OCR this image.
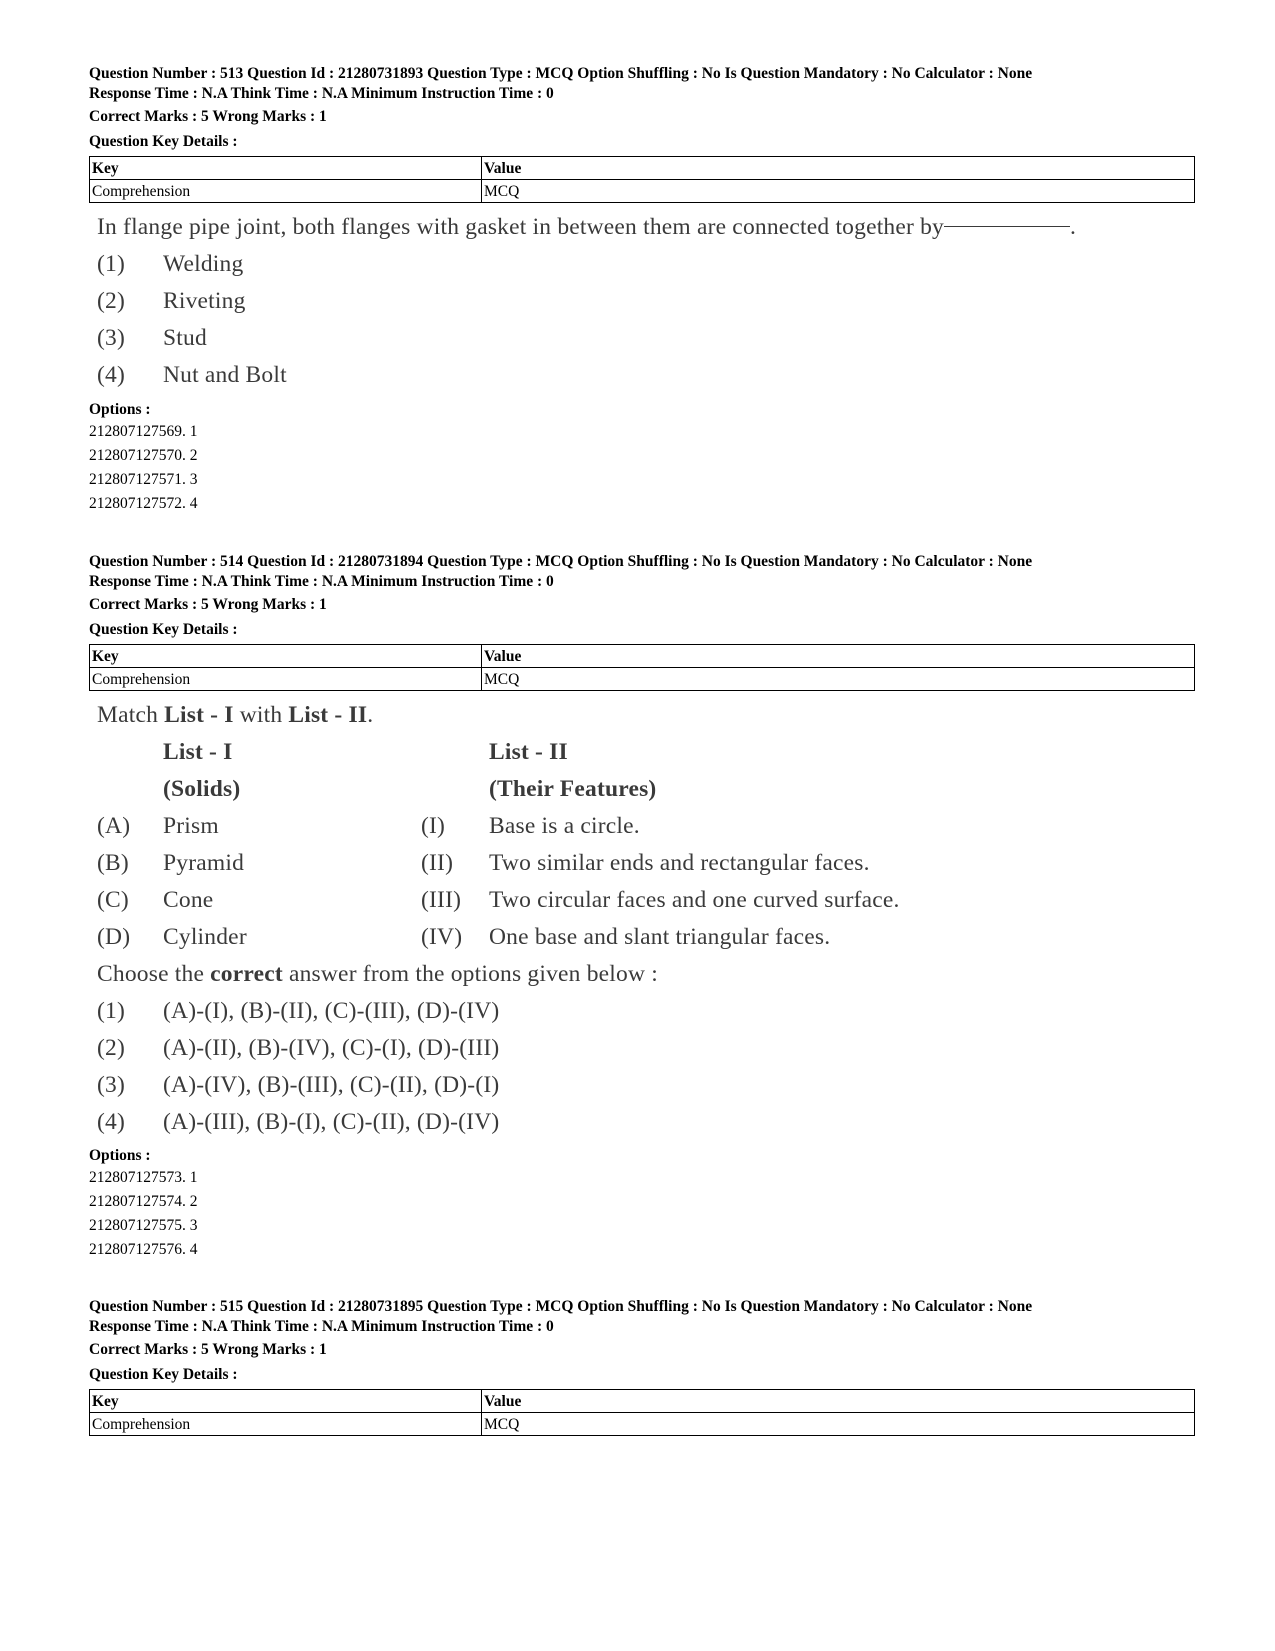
Question Number : 513 Question Id : 21280731893 Question Type : MCQ Option Shuffling : No Is Question Mandatory : No Calculator : None
Response Time : N.A Think Time : N.A Minimum Instruction Time : 0
Correct Marks : 5 Wrong Marks : 1
Question Key Details :
Key	Value
Comprehension	MCQ
In flange pipe joint, both flanges with gasket in between them are connected together by	.
(1)	Welding
(2)	Riveting
(3)	Stud
(4)	Nut and Bolt
Options :
212807127569. 1
212807127570. 2
212807127571. 3
212807127572. 4
Question Number : 514 Question Id : 21280731894 Question Type : MCQ Option Shuffling : No Is Question Mandatory : No Calculator : None
Response Time : N.A Think Time : N.A Minimum Instruction Time : 0
Correct Marks : 5 Wrong Marks : 1
Question Key Details :
Key	Value
Comprehension	MCQ
Match List - I with List - II .
List - I	List - II
(Solids)	(Their Features)
(A)	Prism	(I)	Base is a circle.
(B)	Pyramid	(II)	Two similar ends and rectangular faces.
(C)	Cone	(III)	Two circular faces and one curved surface.
(D)	Cylinder	(IV)	One base and slant triangular faces.
Choose the correct answer from the options given below :
(1)	(A)-(I), (B)-(II), (C)-(III), (D)-(IV)
(2)	(A)-(II), (B)-(IV), (C)-(I), (D)-(III)
(3)	(A)-(IV), (B)-(III), (C)-(II), (D)-(I)
(4)	(A)-(III), (B)-(I), (C)-(II), (D)-(IV)
Options :
212807127573. 1
212807127574. 2
212807127575. 3
212807127576. 4
Question Number : 515 Question Id : 21280731895 Question Type : MCQ Option Shuffling : No Is Question Mandatory : No Calculator : None
Response Time : N.A Think Time : N.A Minimum Instruction Time : 0
Correct Marks : 5 Wrong Marks : 1
Question Key Details :
Key	Value
Comprehension	MCQ
